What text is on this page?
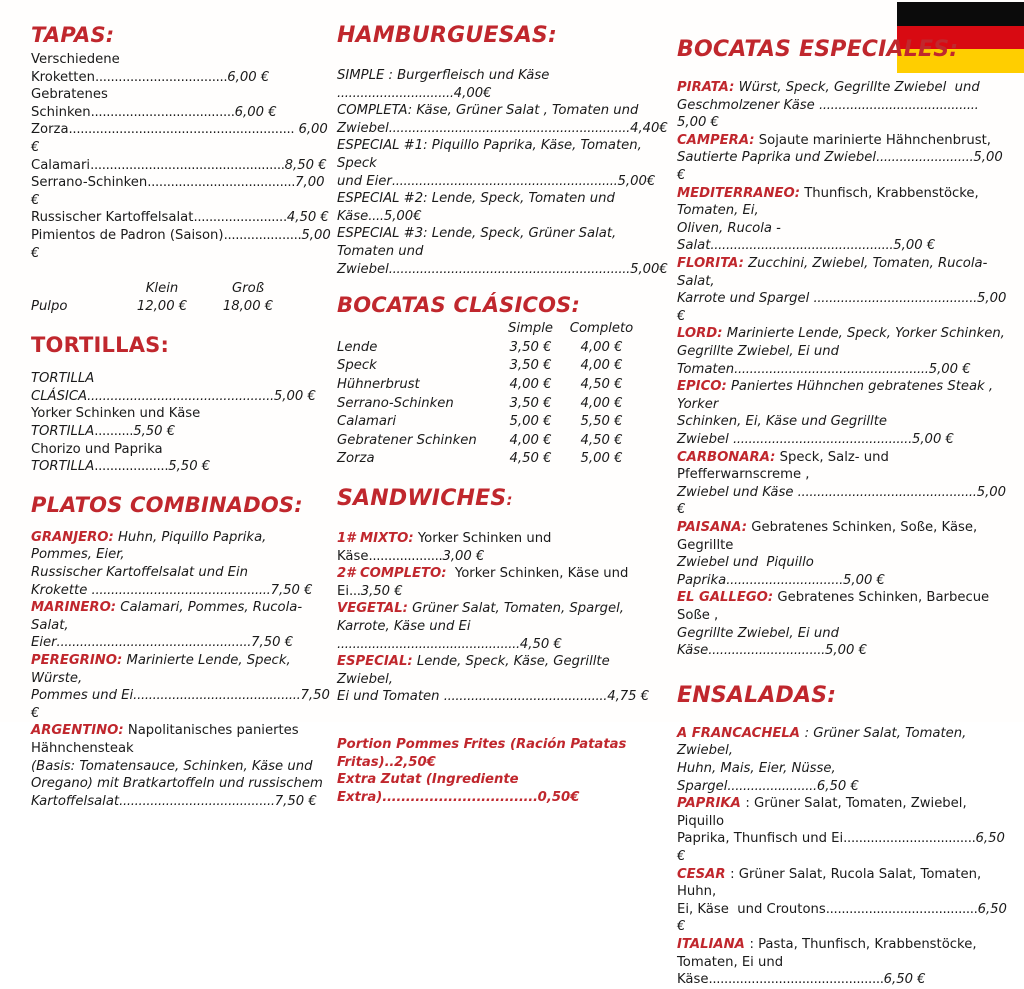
TAPAS:
Verschiedene Kroketten..................................6,00 €
Gebratenes Schinken.....................................6,00 €
Zorza.......................................................... 6,00 €
Calamari..................................................8,50 €
Serrano-Schinken......................................7,00 €
Russischer Kartoffelsalat........................4,50 €
Pimientos de Padron (Saison)....................5,00 €
	Klein	Groß
Pulpo	12,00 €	18,00 €
TORTILLAS:
TORTILLA CLÁSICA................................................5,00 €
Yorker Schinken und Käse TORTILLA..........5,50 €
Chorizo und Paprika TORTILLA...................5,50 €
PLATOS COMBINADOS:
GRANJERO: Huhn, Piquillo Paprika, Pommes, Eier,
Russischer Kartoffelsalat und Ein
Krokette ..............................................7,50 €
MARINERO: Calamari, Pommes, Rucola-Salat,
Eier..................................................7,50 €
PEREGRINO: Marinierte Lende, Speck, Würste,
Pommes und Ei...........................................7,50 €
ARGENTINO: Napolitanisches paniertes
Hähnchensteak
(Basis: Tomatensauce, Schinken, Käse und
Oregano) mit Bratkartoffeln und russischem
Kartoffelsalat........................................7,50 €
HAMBURGUESAS:
SIMPLE : Burgerfleisch und Käse ..............................4,00€
COMPLETA: Käse, Grüner Salat , Tomaten und
Zwiebel..............................................................4,40€
ESPECIAL #1: Piquillo Paprika, Käse, Tomaten, Speck
und Eier..........................................................5,00€
ESPECIAL #2: Lende, Speck, Tomaten und Käse....5,00€
ESPECIAL #3: Lende, Speck, Grüner Salat, Tomaten und
Zwiebel..............................................................5,00€
BOCATAS CLÁSICOS:
	Simple	Completo
Lende	3,50 €	4,00 €
Speck	3,50 €	4,00 €
Hühnerbrust	4,00 €	4,50 €
Serrano-Schinken	3,50 €	4,00 €
Calamari	5,00 €	5,50 €
Gebratener Schinken	4,00 €	4,50 €
Zorza	4,50 €	5,00 €
SANDWICHES:
1# MIXTO: Yorker Schinken und Käse...................3,00 €
2# COMPLETO:  Yorker Schinken, Käse und Ei...3,50 €
VEGETAL: Grüner Salat, Tomaten, Spargel,
Karrote, Käse und Ei ...............................................4,50 €
ESPECIAL: Lende, Speck, Käse, Gegrillte Zwiebel,
Ei und Tomaten ..........................................4,75 €
Portion Pommes Frites (Ración Patatas Fritas)..2,50€
Extra Zutat (Ingrediente Extra).................................0,50€
BOCATAS ESPECIALES:
PIRATA: Würst, Speck, Gegrillte Zwiebel  und
Geschmolzener Käse ......................................... 5,00 €
CAMPERA: Sojaute marinierte Hähnchenbrust,
Sautierte Paprika und Zwiebel.........................5,00 €
MEDITERRANEO: Thunfisch, Krabbenstöcke,
Tomaten, Ei,
Oliven, Rucola -Salat...............................................5,00 €
FLORITA: Zucchini, Zwiebel, Tomaten, Rucola-Salat,
Karrote und Spargel ..........................................5,00 €
LORD: Marinierte Lende, Speck, Yorker Schinken,
Gegrillte Zwiebel, Ei und
Tomaten..................................................5,00 €
EPICO: Paniertes Hühnchen gebratenes Steak , Yorker
Schinken, Ei, Käse und Gegrillte
Zwiebel ..............................................5,00 €
CARBONARA: Speck, Salz- und Pfefferwarnscreme ,
Zwiebel und Käse ..............................................5,00 €
PAISANA: Gebratenes Schinken, Soße, Käse, Gegrillte
Zwiebel und  Piquillo Paprika..............................5,00 €
EL GALLEGO: Gebratenes Schinken, Barbecue Soße ,
Gegrillte Zwiebel, Ei und Käse..............................5,00 €
ENSALADAS:
A FRANCACHELA : Grüner Salat, Tomaten, Zwiebel,
Huhn, Mais, Eier, Nüsse, Spargel.......................6,50 €
PAPRIKA : Grüner Salat, Tomaten, Zwiebel, Piquillo
Paprika, Thunfisch und Ei..................................6,50 €
CESAR : Grüner Salat, Rucola Salat, Tomaten, Huhn,
Ei, Käse  und Croutons.......................................6,50 €
ITALIANA : Pasta, Thunfisch, Krabbenstöcke,
Tomaten, Ei und Käse.............................................6,50 €
